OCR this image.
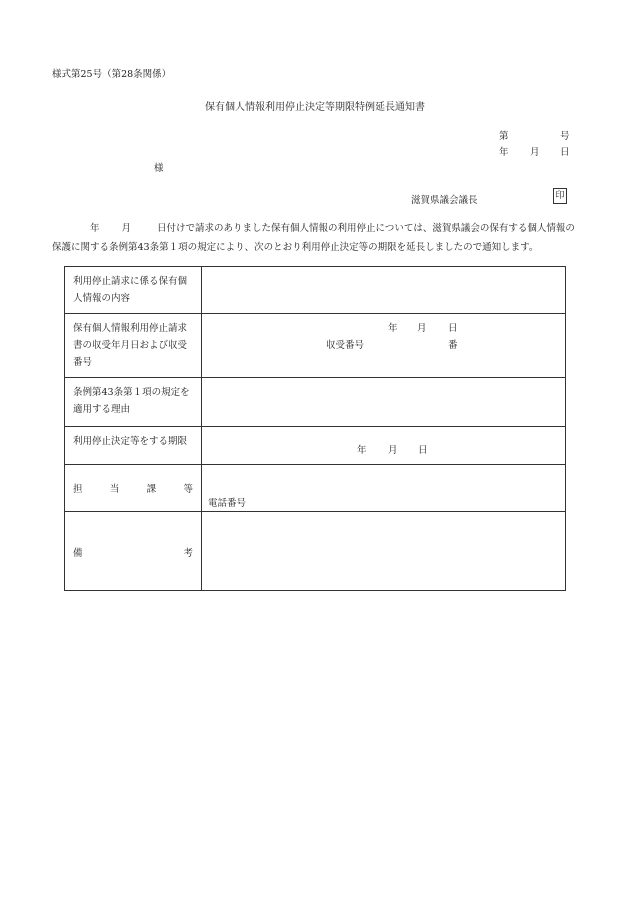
様式第25号（第28条関係）
保有個人情報利用停止決定等期限特例延長通知書
第	号
年 月 日
様
滋賀県議会議長	印
年 月	日付けで請求のありました保有個人情報の利用停止については、滋賀県議会の保有する個人情報の保護に関する条例第43条第１項の規定により、次のとおり利用停止決定等の期限を延長しましたので通知します。
利用停止請求に係る保有個人情報の内容	
保有個人情報利用停止請求書の収受年月日および収受番号	年 月 日
収受番号 番

条例第43条第１項の規定を適用する理由	
利用停止決定等をする期限	年 月 日

担 当 課 等	電話番号

備 考	
